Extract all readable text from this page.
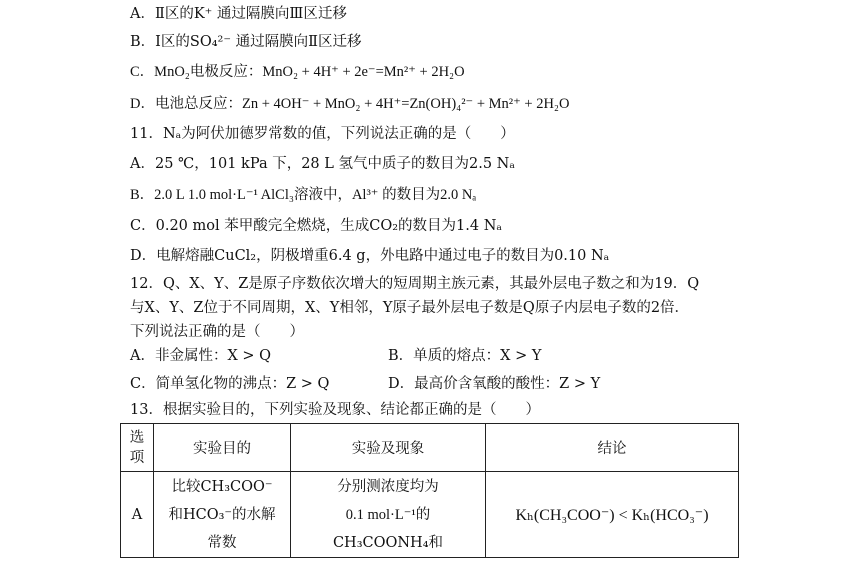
A．Ⅱ区的K⁺ 通过隔膜向Ⅲ区迁移
B．Ⅰ区的SO₄²⁻ 通过隔膜向Ⅱ区迁移
C．MnO₂电极反应：MnO₂ + 4H⁺ + 2e⁻=Mn²⁺ + 2H₂O
D．电池总反应：Zn + 4OH⁻ + MnO₂ + 4H⁺=Zn(OH)₄²⁻ + Mn²⁺ + 2H₂O
11．Nₐ为阿伏加德罗常数的值，下列说法正确的是（　　）
A．25 ℃，101 kPa 下，28 L 氢气中质子的数目为2.5 Nₐ
B．2.0 L 1.0 mol·L⁻¹ AlCl₃溶液中，Al³⁺ 的数目为2.0 Nₐ
C．0.20 mol 苯甲酸完全燃烧，生成CO₂的数目为1.4 Nₐ
D．电解熔融CuCl₂，阴极增重6.4 g，外电路中通过电子的数目为0.10 Nₐ
12．Q、X、Y、Z是原子序数依次增大的短周期主族元素，其最外层电子数之和为19．Q
与X、Y、Z位于不同周期，X、Y相邻，Y原子最外层电子数是Q原子内层电子数的2倍．
下列说法正确的是（　　）
A．非金属性：X > Q	B．单质的熔点：X > Y
C．简单氢化物的沸点：Z > Q	D．最高价含氧酸的酸性：Z > Y
13．根据实验目的，下列实验及现象、结论都正确的是（　　）
选项	实验目的	实验及现象	结论
A	比较CH₃COO⁻
和HCO₃⁻的水解
常数	分别测浓度均为
0.1 mol·L⁻¹的
CH₃COONH₄和	Kₕ(CH₃COO⁻) < Kₕ(HCO₃⁻)
